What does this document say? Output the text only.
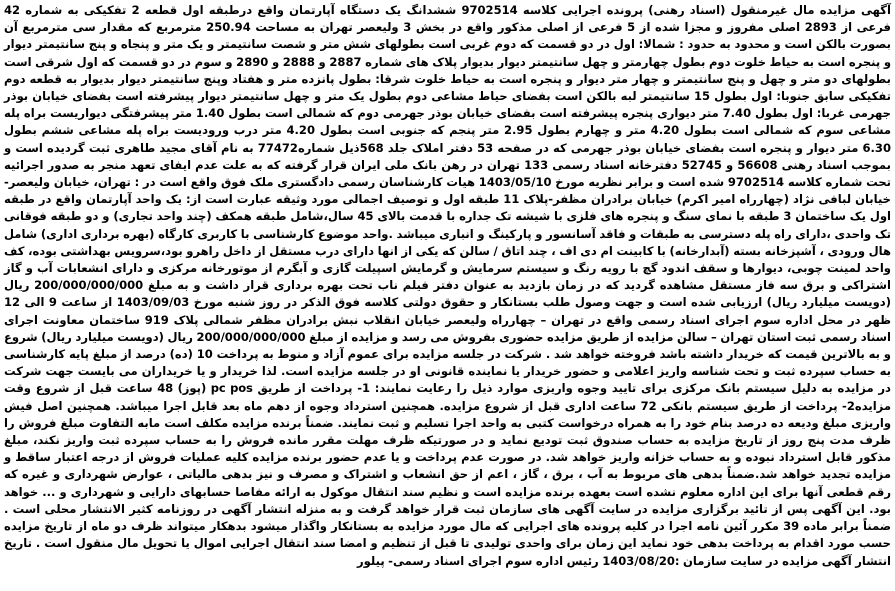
آگهی مزایده مال غیرمنقول (اسناد رهنی) پرونده اجرایی کلاسه 9702514 ششدانگ یک دستگاه آپارتمان واقع درطبقه اول قطعه 2 تفکیکی به شماره 42 فرعی از 2893 اصلی مفروز و مجزا شده از 5 فرعی از اصلی مذکور واقع در بخش 3 ولیعصر تهران به مساحت 250.94 مترمربع که مقدار سی مترمربع آن بصورت بالکن است و محدود به حدود : شمالا: اول در دو قسمت که دوم غربی است بطولهای شش متر و شصت سانتیمتر و یک متر و پنجاه و پنج سانتیمتر دیوار و پنجره است به حیاط خلوت دوم بطول چهارمتر و چهل سانتیمتر دیوار بدیوار پلاک های شماره 2887 و 2888 و 2890 و سوم در دو قسمت که اول شرقی است بطولهای دو متر و چهل و پنج سانتیمتر و چهار متر دیوار و پنجره است به حیاط خلوت شرقا: بطول پانزده متر و هفتاد وپنج سانتیمتر دیوار بدیوار به قطعه دوم تفکیکی سابق جنوبا: اول بطول 15 سانتیمتر لبه بالکن است بفضای حیاط مشاعی دوم بطول یک متر و چهل سانتیمتر دیوار پیشرفته است بفضای خیابان بوذر جهرمی غربا: اول بطول 7.40 متر دیواری پنجره پیشرفته است بفضای خیابان بوذر جهرمی دوم که شمالی است بطول 1.40 متر پیشرفتگی دیواریست براه پله مشاعی سوم که شمالی است بطول 4.20 متر و چهارم بطول 2.95 متر پنجم که جنوبی است بطول 4.20 متر درب ورودیست براه پله مشاعی ششم بطول 6.30 متر دیوار و پنجره است بفضای خیابان بوذر جهرمی که در صفحه 53 دفتر املاک جلد 568ذیل شماره77472 به نام آقای مجید طاهری ثبت گردیده است و بموجب اسناد رهنی 56608 و 52745 دفترخانه اسناد رسمی 133 تهران در رهن بانک ملی ایران قرار گرفته که به علت عدم ایفای تعهد منجر به صدور اجرائیه تحت شماره کلاسه 9702514 شده است و برابر نظریه مورخ 1403/05/10 هیات کارشناسان رسمی دادگستری ملک فوق واقع است در : تهران، خیابان ولیعصر-خیابان لبافی نژاد (چهارراه امیر اکرم) خیابان برادران مظفر-پلاک 11 طبقه اول و توصیف اجمالی مورد وثیقه عبارت است از: یک واحد آپارتمان واقع در طبقه اول یک ساختمان 3 طبقه با نمای سنگ و پنجره های فلزی با شیشه تک جداره با قدمت بالای 45 سال،شامل طبقه همکف (چند واحد تجاری) و دو طبقه فوقانی تک واحدی ،دارای راه پله دسترسی به طبقات و فاقد آسانسور و پارکینگ و انباری میباشد .واحد موضوع کارشناسی با کاربری کارگاه (بهره برداری اداری) شامل هال ورودی ، آشپزخانه بسته (آبدارخانه) با کابینت ام دی اف ، چند اتاق / سالن که یکی از انها دارای درب مستقل از داخل راهرو بود،سرویس بهداشتی بوده، کف واحد لمینت چوبی، دیوارها و سقف اندود گچ با رویه رنگ و سیستم سرمایش و گرمایش اسپیلت گازی و آبگرم از موتورخانه مرکزی و دارای انشعابات آب و گاز اشتراکی و برق سه فاز مستقل مشاهده گردید که در زمان بازدید به عنوان دفتر فیلم ناب تحت بهره برداری قرار داشت و به مبلغ 200/000/000/000 ریال (دویست میلیارد ریال) ارزیابی شده است و جهت وصول طلب بستانکار و حقوق دولتی کلاسه فوق الذکر در روز شنبه مورخ 1403/09/03 از ساعت 9 الی 12 ظهر در محل اداره سوم اجرای اسناد رسمی واقع در تهران – چهارراه ولیعصر خیابان انقلاب نبش برادران مظفر شمالی پلاک 919 ساختمان معاونت اجرای اسناد رسمی ثبت استان تهران – سالن مزایده از طریق مزایده حضوری بفروش می رسد و مزایده از مبلغ 200/000/000/000 ریال (دویست میلیارد ریال) شروع و به بالاترین قیمت که خریدار داشته باشد فروخته خواهد شد . شرکت در جلسه مزایده برای عموم آزاد و منوط به پرداخت 10 (ده) درصد از مبلغ پایه کارشناسی به حساب سپرده ثبت و تحت شناسه واریز اعلامی و حضور خریدار یا نماینده قانونی او در جلسه مزایده است. لذا خریدار و یا خریداران می بایست جهت شرکت در مزایده به دلیل سیستم بانک مرکزی برای تایید وجوه واریزی موارد ذیل را رعایت نمایند: 1- پرداخت از طریق pc pos (پوز) 48 ساعت قبل از شروع وقت مزایده2- پرداخت از طریق سیستم بانکی 72 ساعت اداری قبل از شروع مزایده. همچنین استرداد وجوه از دهم ماه بعد قابل اجرا میباشد. همچنین اصل فیش واریزی مبلغ ودیعه ده درصد بنام خود را به همراه درخواست کتبی به واحد اجرا تسلیم و ثبت نمایند. ضمناً برنده مزایده مکلف است مابه التفاوت مبلغ فروش را ظرف مدت پنج روز از تاریخ مزایده به حساب صندوق ثبت تودیع نماید و در صورتیکه ظرف مهلت مقرر مانده فروش را به حساب سپرده ثبت واریز نکند، مبلغ مذکور قابل استرداد نبوده و به حساب خزانه واریز خواهد شد. در صورت عدم پرداخت و یا عدم حضور برنده مزایده کلیه عملیات فروش از درجه اعتبار ساقط و مزایده تجدید خواهد شد.ضمناً بدهی های مربوط به آب ، برق ، گاز ، اعم از حق انشعاب و اشتراک و مصرف و نیز بدهی مالیاتی ، عوارض شهرداری و غیره که رقم قطعی آنها برای این اداره معلوم نشده است بعهده برنده مزایده است و نظیم سند انتقال موکول به ارائه مفاصا حسابهای دارایی و شهرداری و ... خواهد بود. این آگهی پس از تائید برگزاری مزایده در سایت آگهی های سازمان ثبت قرار خواهد گرفت و به منزله انتشار آگهی در روزنامه کثیر الانتشار محلی است . ضمناً برابر ماده 39 مکرر آئین نامه اجرا در کلیه پرونده های اجرایی که مال مورد مزایده به بستانکار واگذار میشود بدهکار میتواند ظرف دو ماه از تاریخ مزایده حسب مورد اقدام به پرداخت بدهی خود نماید این زمان برای واحدی تولیدی تا قبل از تنظیم و امضا سند انتقال اجرایی اموال یا تحویل مال منقول است . تاریخ انتشار آگهی مزایده در سایت سازمان :1403/08/20 رئیس اداره سوم اجرای اسناد رسمی- پیلور
